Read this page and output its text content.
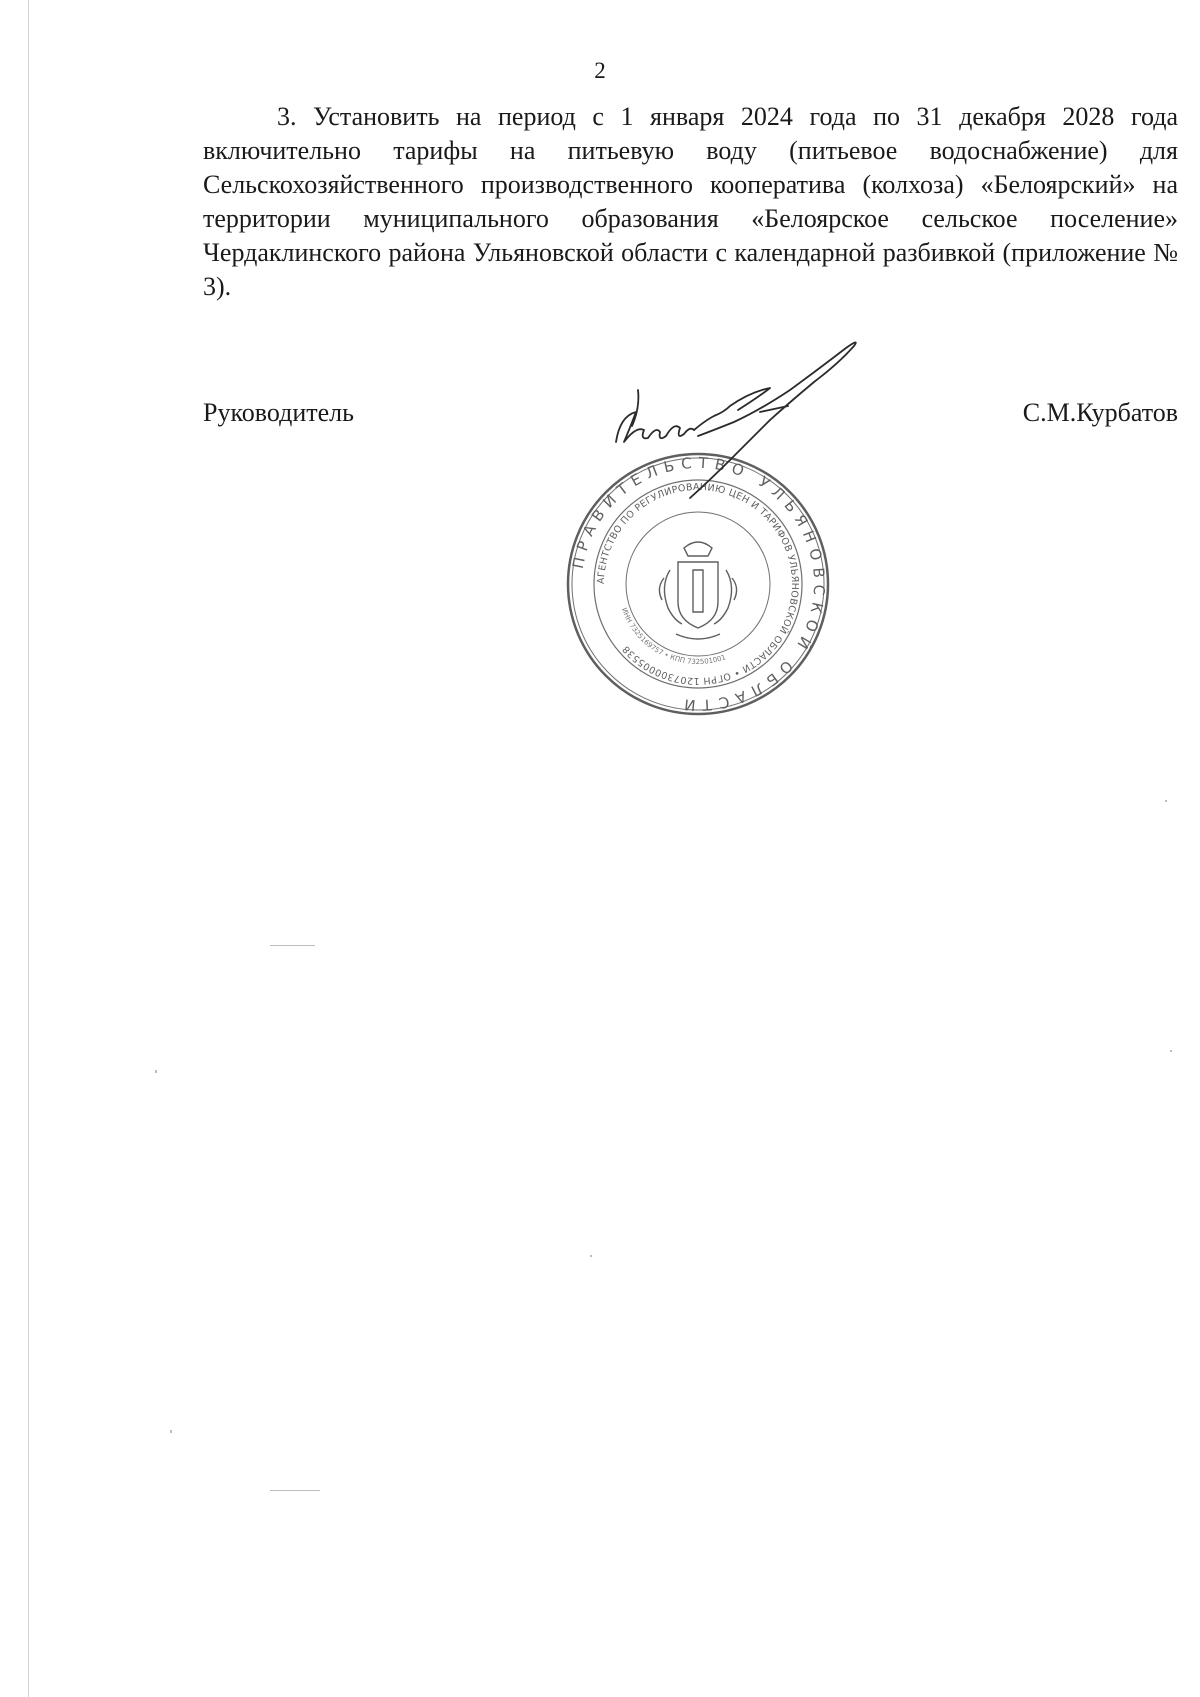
2

3. Установить на период с 1 января 2024 года по 31 декабря 2028 года включительно тарифы на питьевую воду (питьевое водоснабжение) для Сельскохозяйственного производственного кооператива (колхоза) «Белоярский» на территории муниципального образования «Белоярское сельское поселение» Чердаклинского района Ульяновской области с календарной разбивкой (приложение № 3).

Руководитель	С.М.Курбатов
ПРАВИТЕЛЬСТВО УЛЬЯНОВСКОЙ ОБЛАСТИ
АГЕНТСТВО ПО РЕГУЛИРОВАНИЮ ЦЕН И ТАРИФОВ УЛЬЯНОВСКОЙ ОБЛАСТИ • ОГРН 1207300005538
ИНН 7325169757 • КПП 732501001
